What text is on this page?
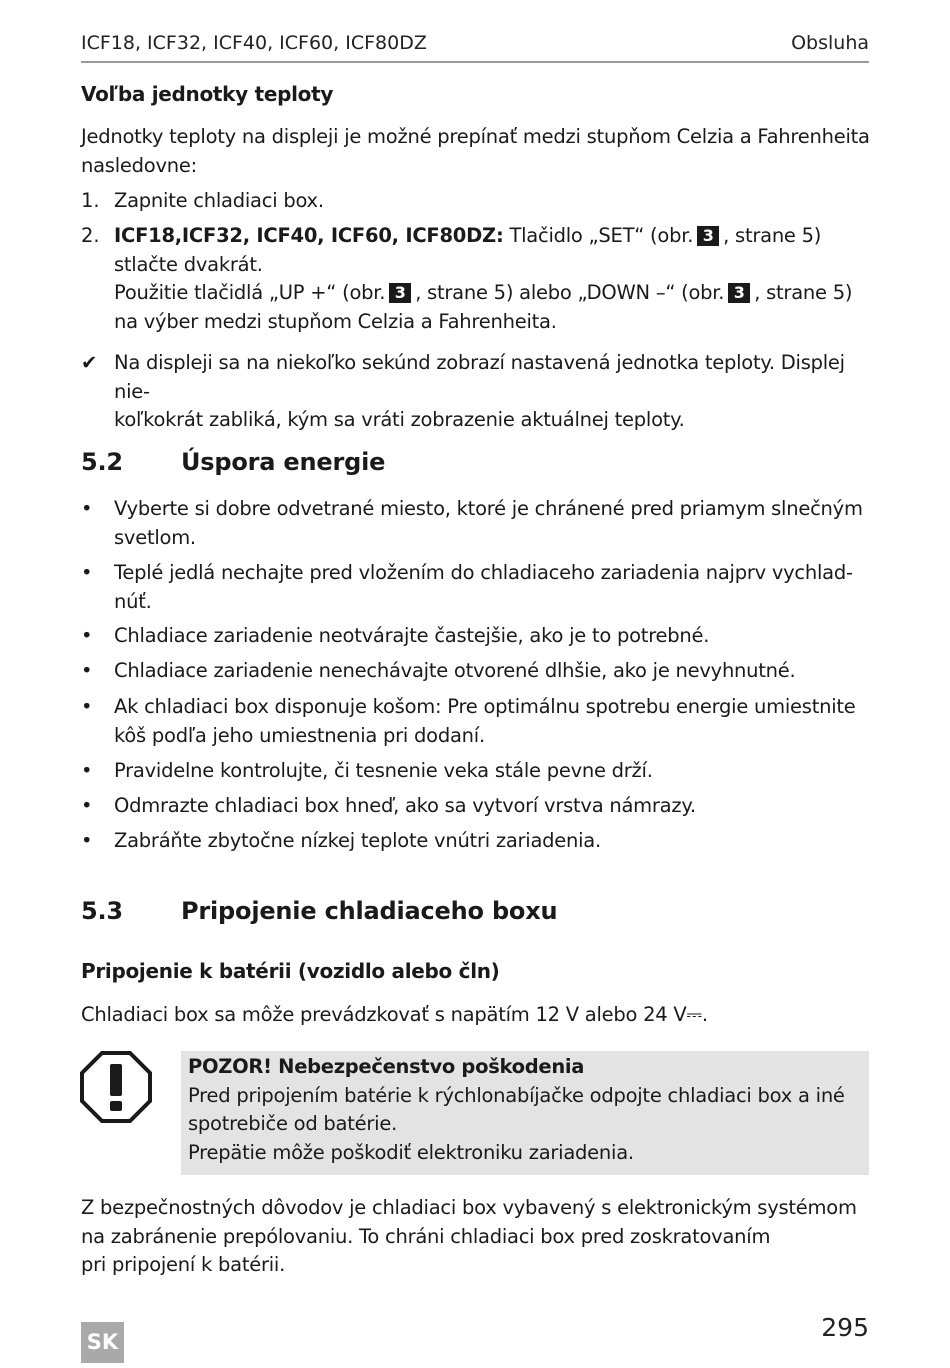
ICF18, ICF32, ICF40, ICF60, ICF80DZ	Obsluha
Voľba jednotky teploty
Jednotky teploty na displeji je možné prepínať medzi stupňom Celzia a Fahrenheita
nasledovne:
1. Zapnite chladiaci box.
2. ICF18,ICF32, ICF40, ICF60, ICF80DZ: Tlačidlo „SET“ (obr. 3 , strane 5)
stlačte dvakrát.
Použitie tlačidlá „UP +“ (obr. 3 , strane 5) alebo „DOWN –“ (obr. 3 , strane 5)
na výber medzi stupňom Celzia a Fahrenheita.
✔ Na displeji sa na niekoľko sekúnd zobrazí nastavená jednotka teploty. Displej nie-
koľkokrát zabliká, kým sa vráti zobrazenie aktuálnej teploty.
5.2 Úspora energie
• Vyberte si dobre odvetrané miesto, ktoré je chránené pred priamym slnečným
svetlom.
• Teplé jedlá nechajte pred vložením do chladiaceho zariadenia najprv vychlad-
núť.
• Chladiace zariadenie neotvárajte častejšie, ako je to potrebné.
• Chladiace zariadenie nenechávajte otvorené dlhšie, ako je nevyhnutné.
• Ak chladiaci box disponuje košom: Pre optimálnu spotrebu energie umiestnite
kôš podľa jeho umiestnenia pri dodaní.
• Pravidelne kontrolujte, či tesnenie veka stále pevne drží.
• Odmrazte chladiaci box hneď, ako sa vytvorí vrstva námrazy.
• Zabráňte zbytočne nízkej teplote vnútri zariadenia.
5.3 Pripojenie chladiaceho boxu
Pripojenie k batérii (vozidlo alebo čln)
Chladiaci box sa môže prevádzkovať s napätím 12 V alebo 24 V⎓.
POZOR! Nebezpečenstvo poškodenia
Pred pripojením batérie k rýchlonabíjačke odpojte chladiaci box a iné
spotrebiče od batérie.
Prepätie môže poškodiť elektroniku zariadenia.
Z bezpečnostných dôvodov je chladiaci box vybavený s elektronickým systémom
na zabránenie prepólovaniu. To chráni chladiaci box pred zoskratovaním
pri pripojení k batérii.
SK	295
